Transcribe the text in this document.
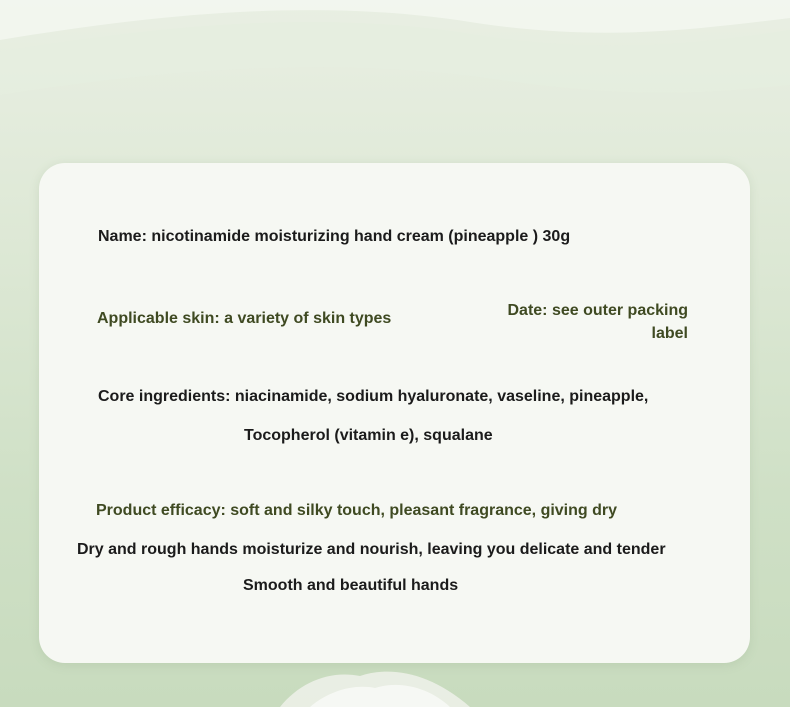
Name: nicotinamide moisturizing hand cream (pineapple ) 30g
Applicable skin: a variety of skin types	Date: see outer packing
label
Core ingredients: niacinamide, sodium hyaluronate, vaseline, pineapple,
Tocopherol (vitamin e), squalane
Product efficacy: soft and silky touch, pleasant fragrance, giving dry
Dry and rough hands moisturize and nourish, leaving you delicate and tender
Smooth and beautiful hands
